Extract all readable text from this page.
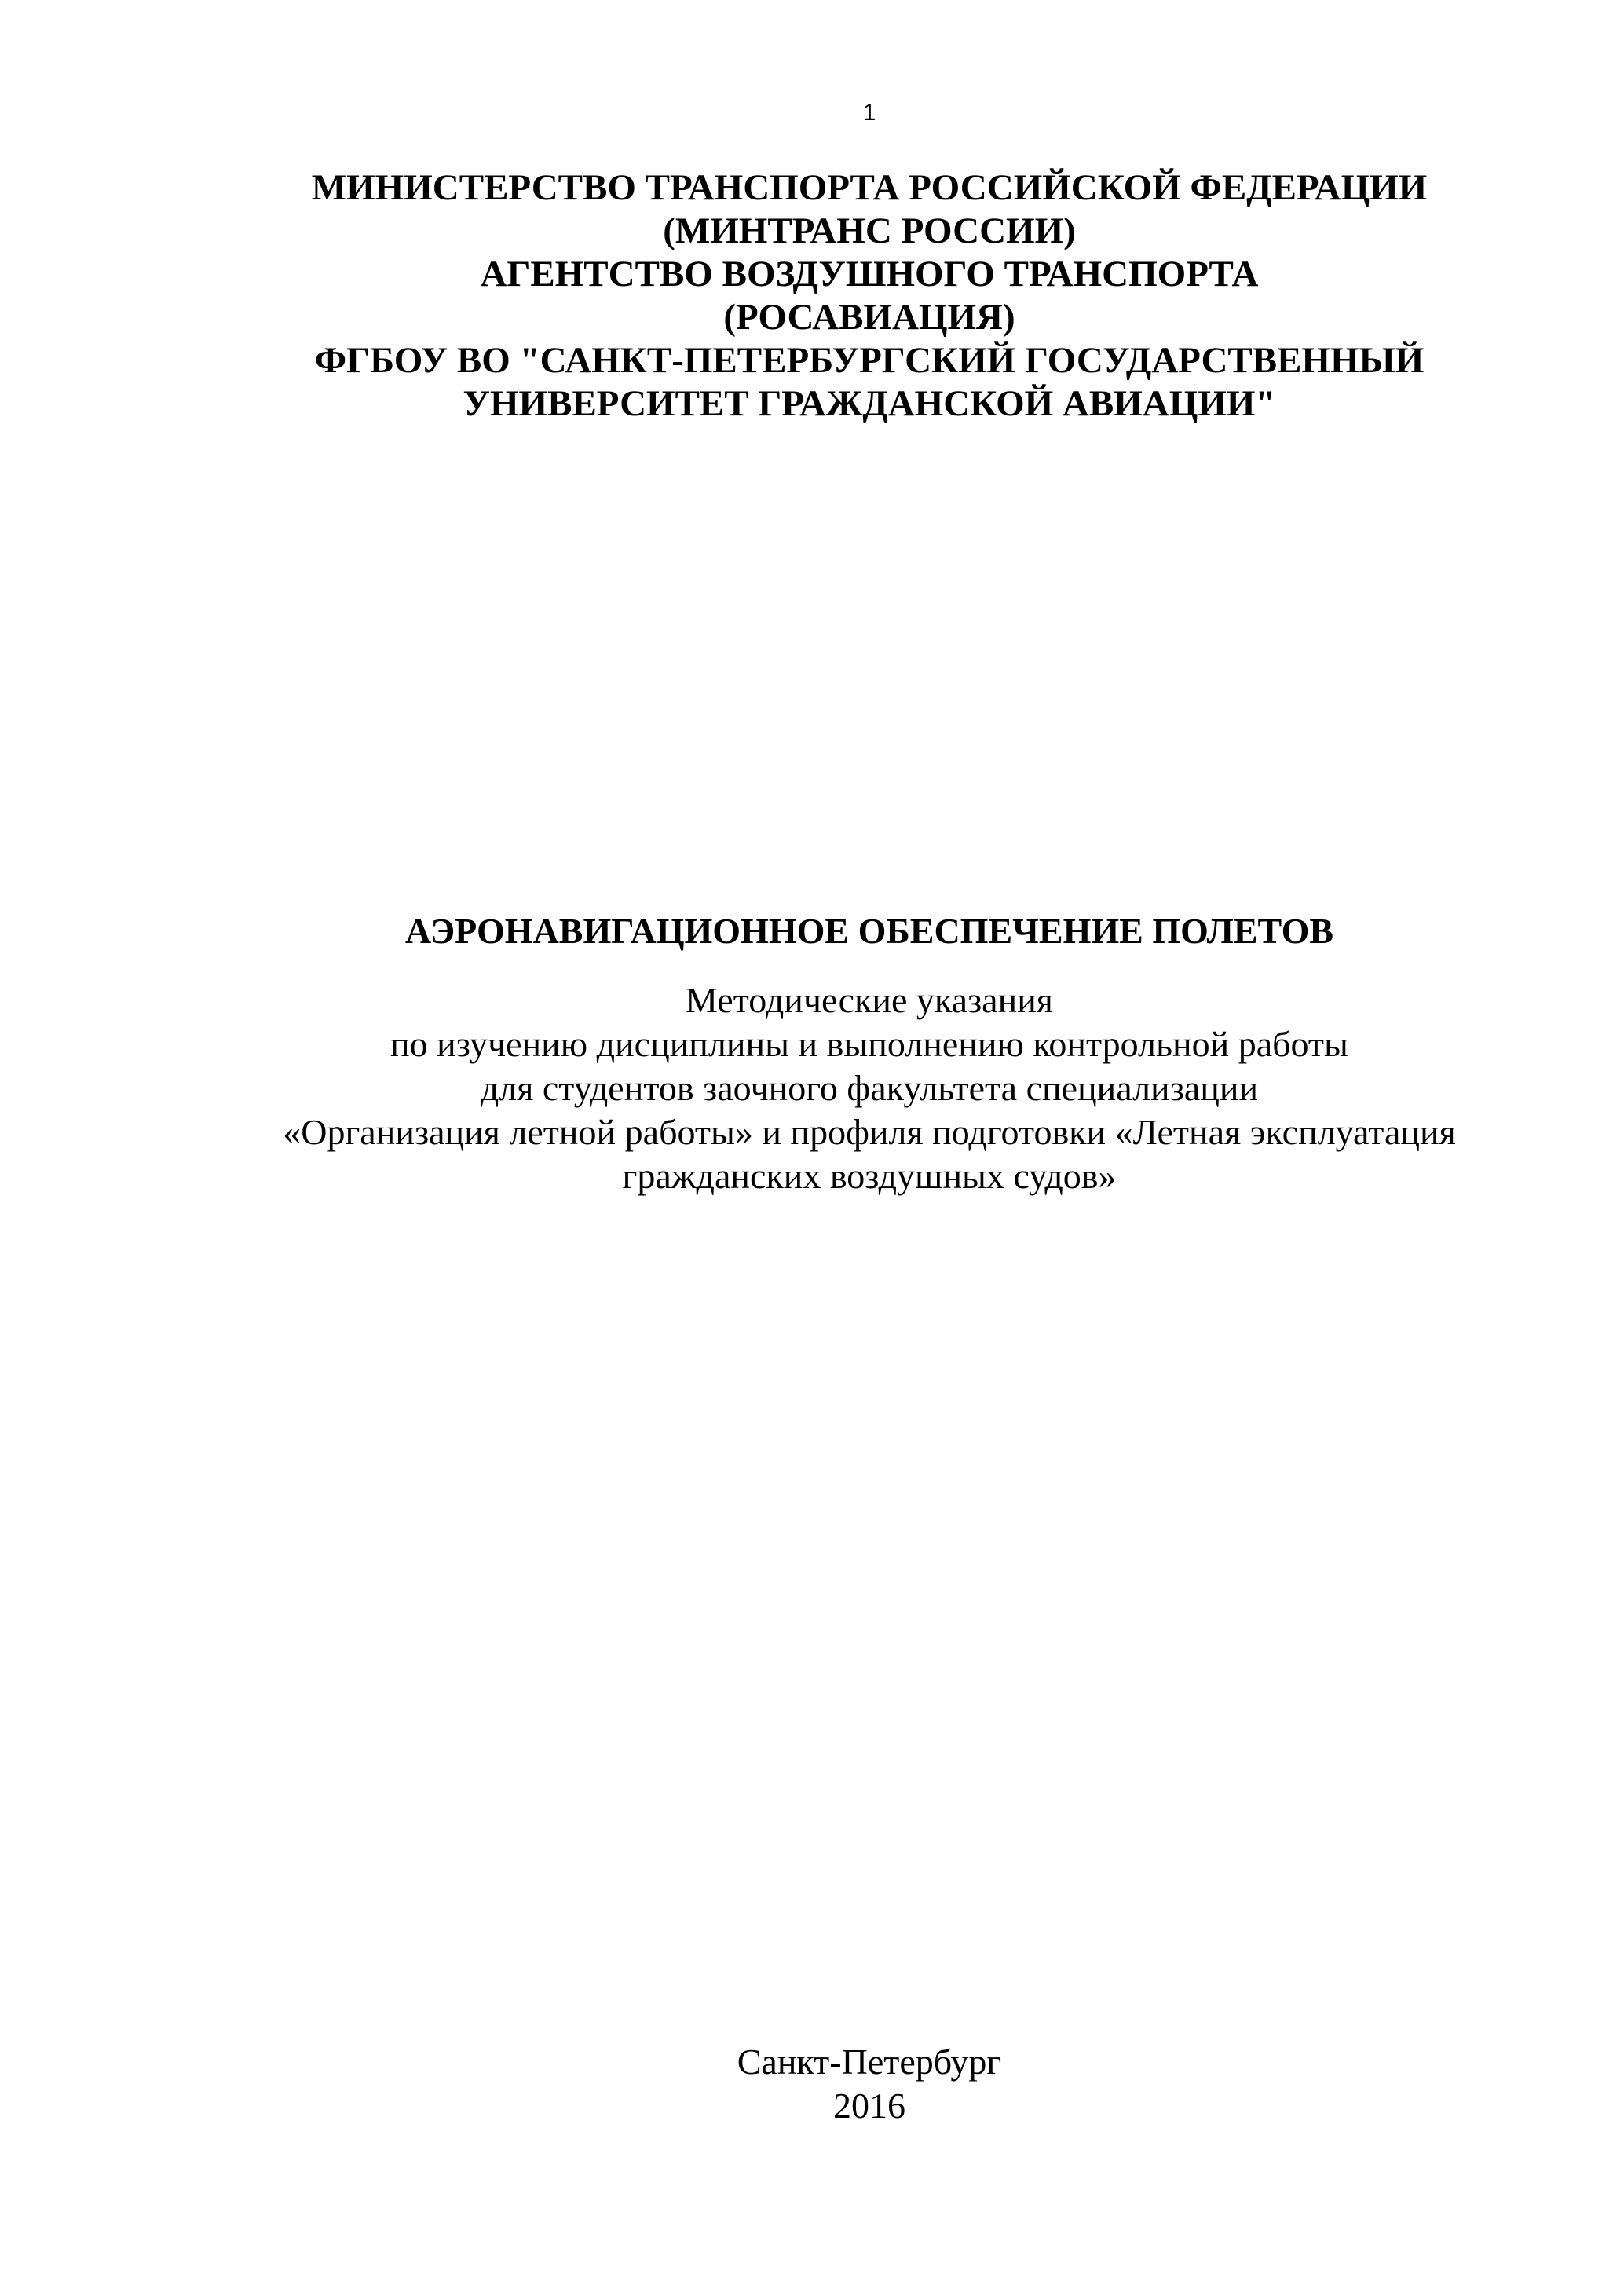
1
МИНИСТЕРСТВО ТРАНСПОРТА РОССИЙСКОЙ ФЕДЕРАЦИИ
(МИНТРАНС РОССИИ)
АГЕНТСТВО ВОЗДУШНОГО ТРАНСПОРТА
(РОСАВИАЦИЯ)
ФГБОУ ВО "САНКТ-ПЕТЕРБУРГСКИЙ ГОСУДАРСТВЕННЫЙ
УНИВЕРСИТЕТ ГРАЖДАНСКОЙ АВИАЦИИ"
АЭРОНАВИГАЦИОННОЕ ОБЕСПЕЧЕНИЕ ПОЛЕТОВ
Методические указания
по изучению дисциплины и выполнению контрольной работы
для студентов заочного факультета специализации
«Организация летной работы» и профиля подготовки «Летная эксплуатация
гражданских воздушных судов»
Санкт-Петербург
2016
